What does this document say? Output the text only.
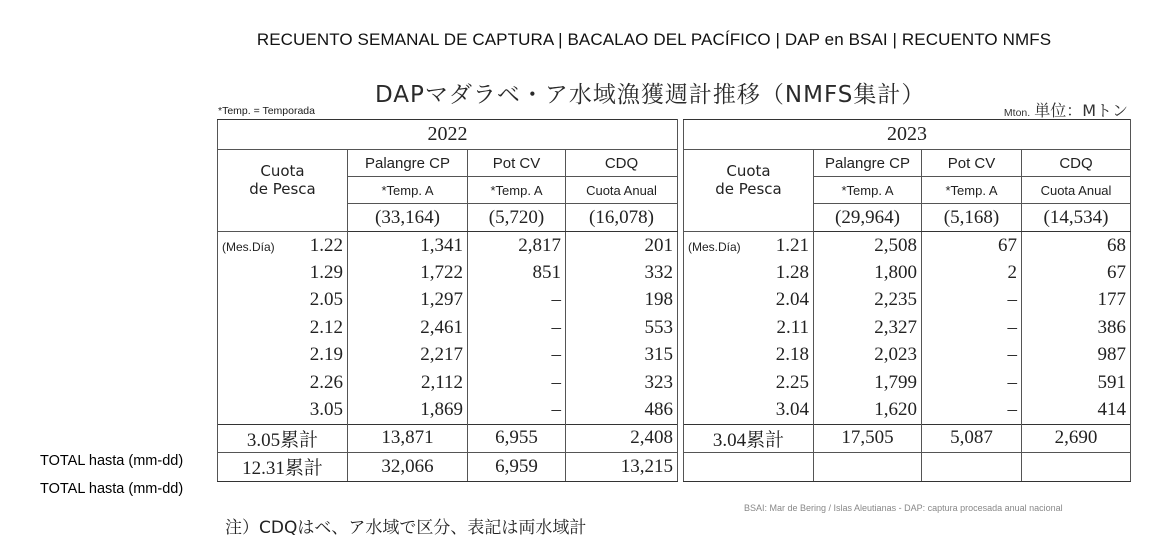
RECUENTO SEMANAL DE CAPTURA | BACALAO DEL PACÍFICO | DAP en BSAI | RECUENTO NMFS
DAPマダラベ・ア水域漁獲週計推移（NMFS集計）
*Temp. = Temporada	Mton. 単位：Mトン
TOTAL hasta (mm-dd)
TOTAL hasta (mm-dd)
2022			

Cuota
de Pesca	Palangre CP	Pot CV	CDQ
	*Temp. A	*Temp. A	Cuota Anual
	(33,164)	(5,720)	(16,078)

(Mes.Día) 1.22	1,341	2,817	201
1.29	1,722	851	332
2.05	1,297	–	198
2.12	2,461	–	553
2.19	2,217	–	315
2.26	2,112	–	323
3.05	1,869	–	486
3.05累計	13,871	6,955	2,408
12.31累計	32,066	6,959	13,215
2023			

Cuota
de Pesca	Palangre CP	Pot CV	CDQ
	*Temp. A	*Temp. A	Cuota Anual
	(29,964)	(5,168)	(14,534)

(Mes.Día) 1.21	2,508	67	68
1.28	1,800	2	67
2.04	2,235	–	177
2.11	2,327	–	386
2.18	2,023	–	987
2.25	1,799	–	591
3.04	1,620	–	414
3.04累計	17,505	5,087	2,690

注）CDQはベ、ア水域で区分、表記は両水域計
BSAI: Mar de Bering / Islas Aleutianas - DAP: captura procesada anual nacional
